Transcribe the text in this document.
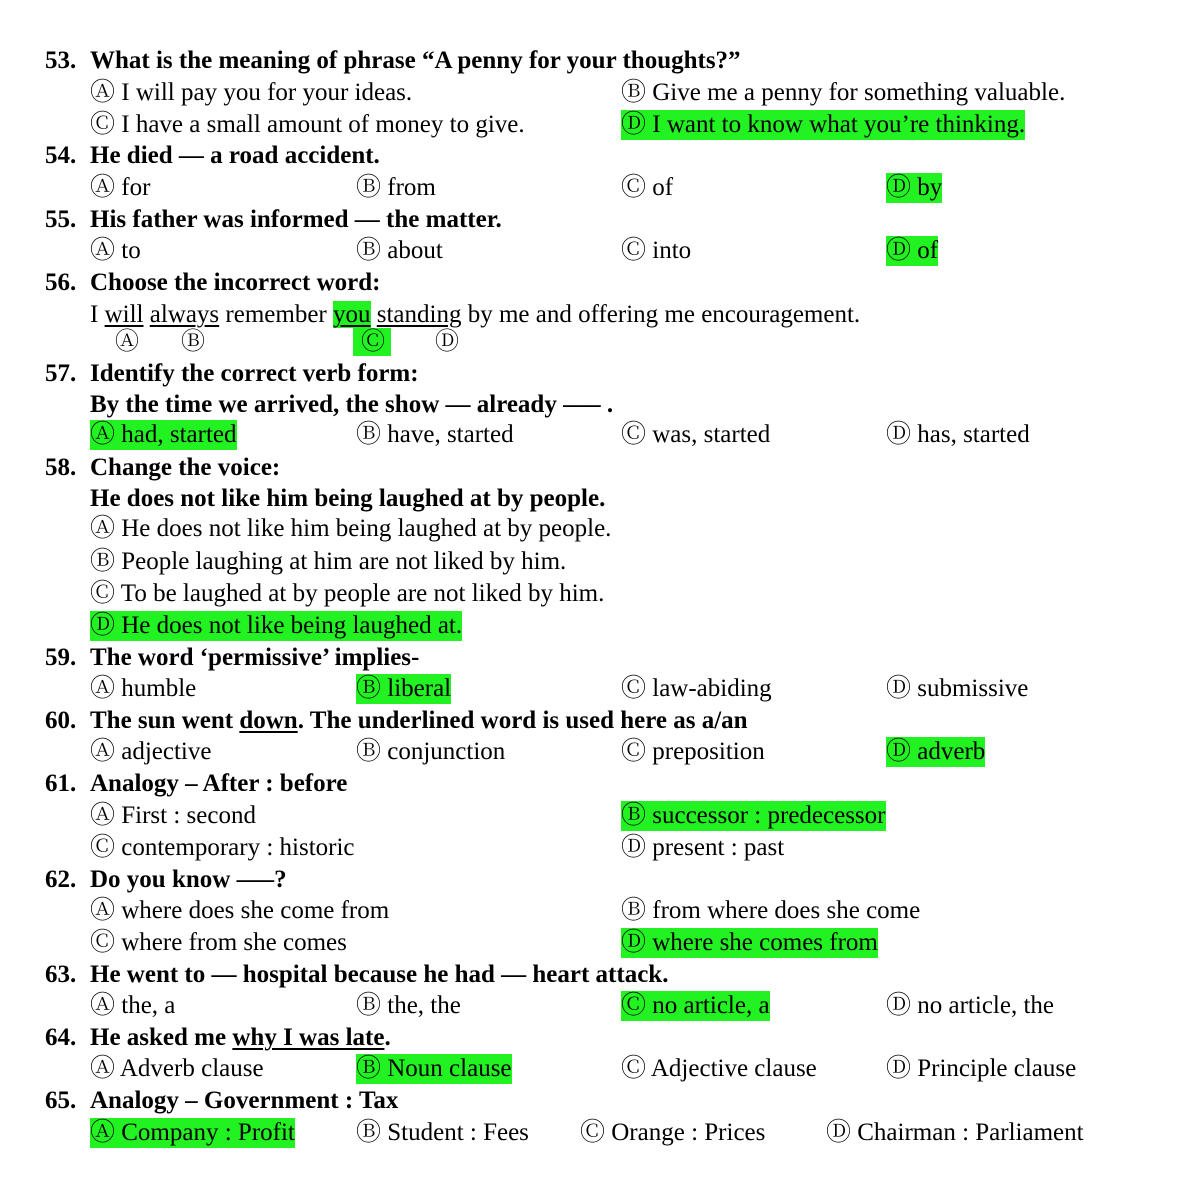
53. What is the meaning of phrase “A penny for your thoughts?”
Ⓐ I will pay you for your ideas.	Ⓑ Give me a penny for something valuable.
Ⓒ I have a small amount of money to give.	Ⓓ I want to know what you’re thinking.
54. He died — a road accident.
Ⓐ for	Ⓑ from	Ⓒ of	Ⓓ by
55. His father was informed — the matter.
Ⓐ to	Ⓑ about	Ⓒ into	Ⓓ of
56. Choose the incorrect word:
I will always remember you standing by me and offering me encouragement.
Ⓐ Ⓑ	Ⓒ Ⓓ
57. Identify the correct verb form:
By the time we arrived, the show — already ––– .
Ⓐ had, started	Ⓑ have, started	Ⓒ was, started	Ⓓ has, started
58. Change the voice:
He does not like him being laughed at by people.
Ⓐ He does not like him being laughed at by people.
Ⓑ People laughing at him are not liked by him.
Ⓒ To be laughed at by people are not liked by him.
Ⓓ He does not like being laughed at.
59. The word ‘permissive’ implies-
Ⓐ humble	Ⓑ liberal	Ⓒ law-abiding	Ⓓ submissive
60. The sun went down. The underlined word is used here as a/an
Ⓐ adjective	Ⓑ conjunction	Ⓒ preposition	Ⓓ adverb
61. Analogy – After : before
Ⓐ First : second	Ⓑ successor : predecessor
Ⓒ contemporary : historic	Ⓓ present : past
62. Do you know –––?
Ⓐ where does she come from	Ⓑ from where does she come
Ⓒ where from she comes	Ⓓ where she comes from
63. He went to — hospital because he had — heart attack.
Ⓐ the, a	Ⓑ the, the	Ⓒ no article, a	Ⓓ no article, the
64. He asked me why I was late.
Ⓐ Adverb clause	Ⓑ Noun clause	Ⓒ Adjective clause	Ⓓ Principle clause
65. Analogy – Government : Tax
Ⓐ Company : Profit Ⓑ Student : Fees Ⓒ Orange : Prices Ⓓ Chairman : Parliament
